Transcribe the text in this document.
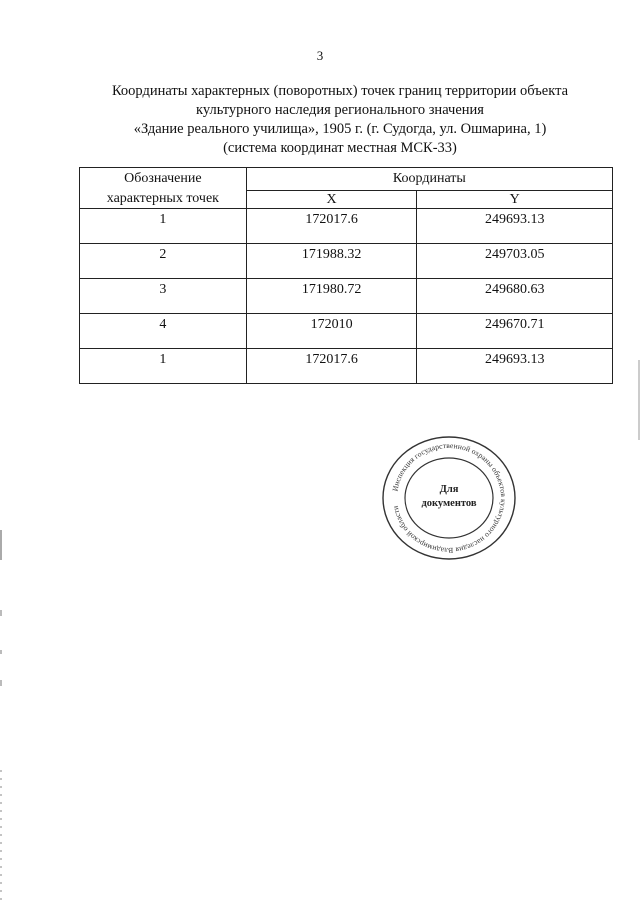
3
Координаты характерных (поворотных) точек границ территории объекта
культурного наследия регионального значения
«Здание реального училища», 1905 г. (г. Судогда, ул. Ошмарина, 1)
(система координат местная МСК-33)
Обозначение	Координаты	
характерных точек	X	Y
1	172017.6	249693.13
2	171988.32	249703.05
3	171980.72	249680.63
4	172010	249670.71
1	172017.6	249693.13
Инспекция государственной охраны объектов культурного наследия Владимирской области
Для
документов
